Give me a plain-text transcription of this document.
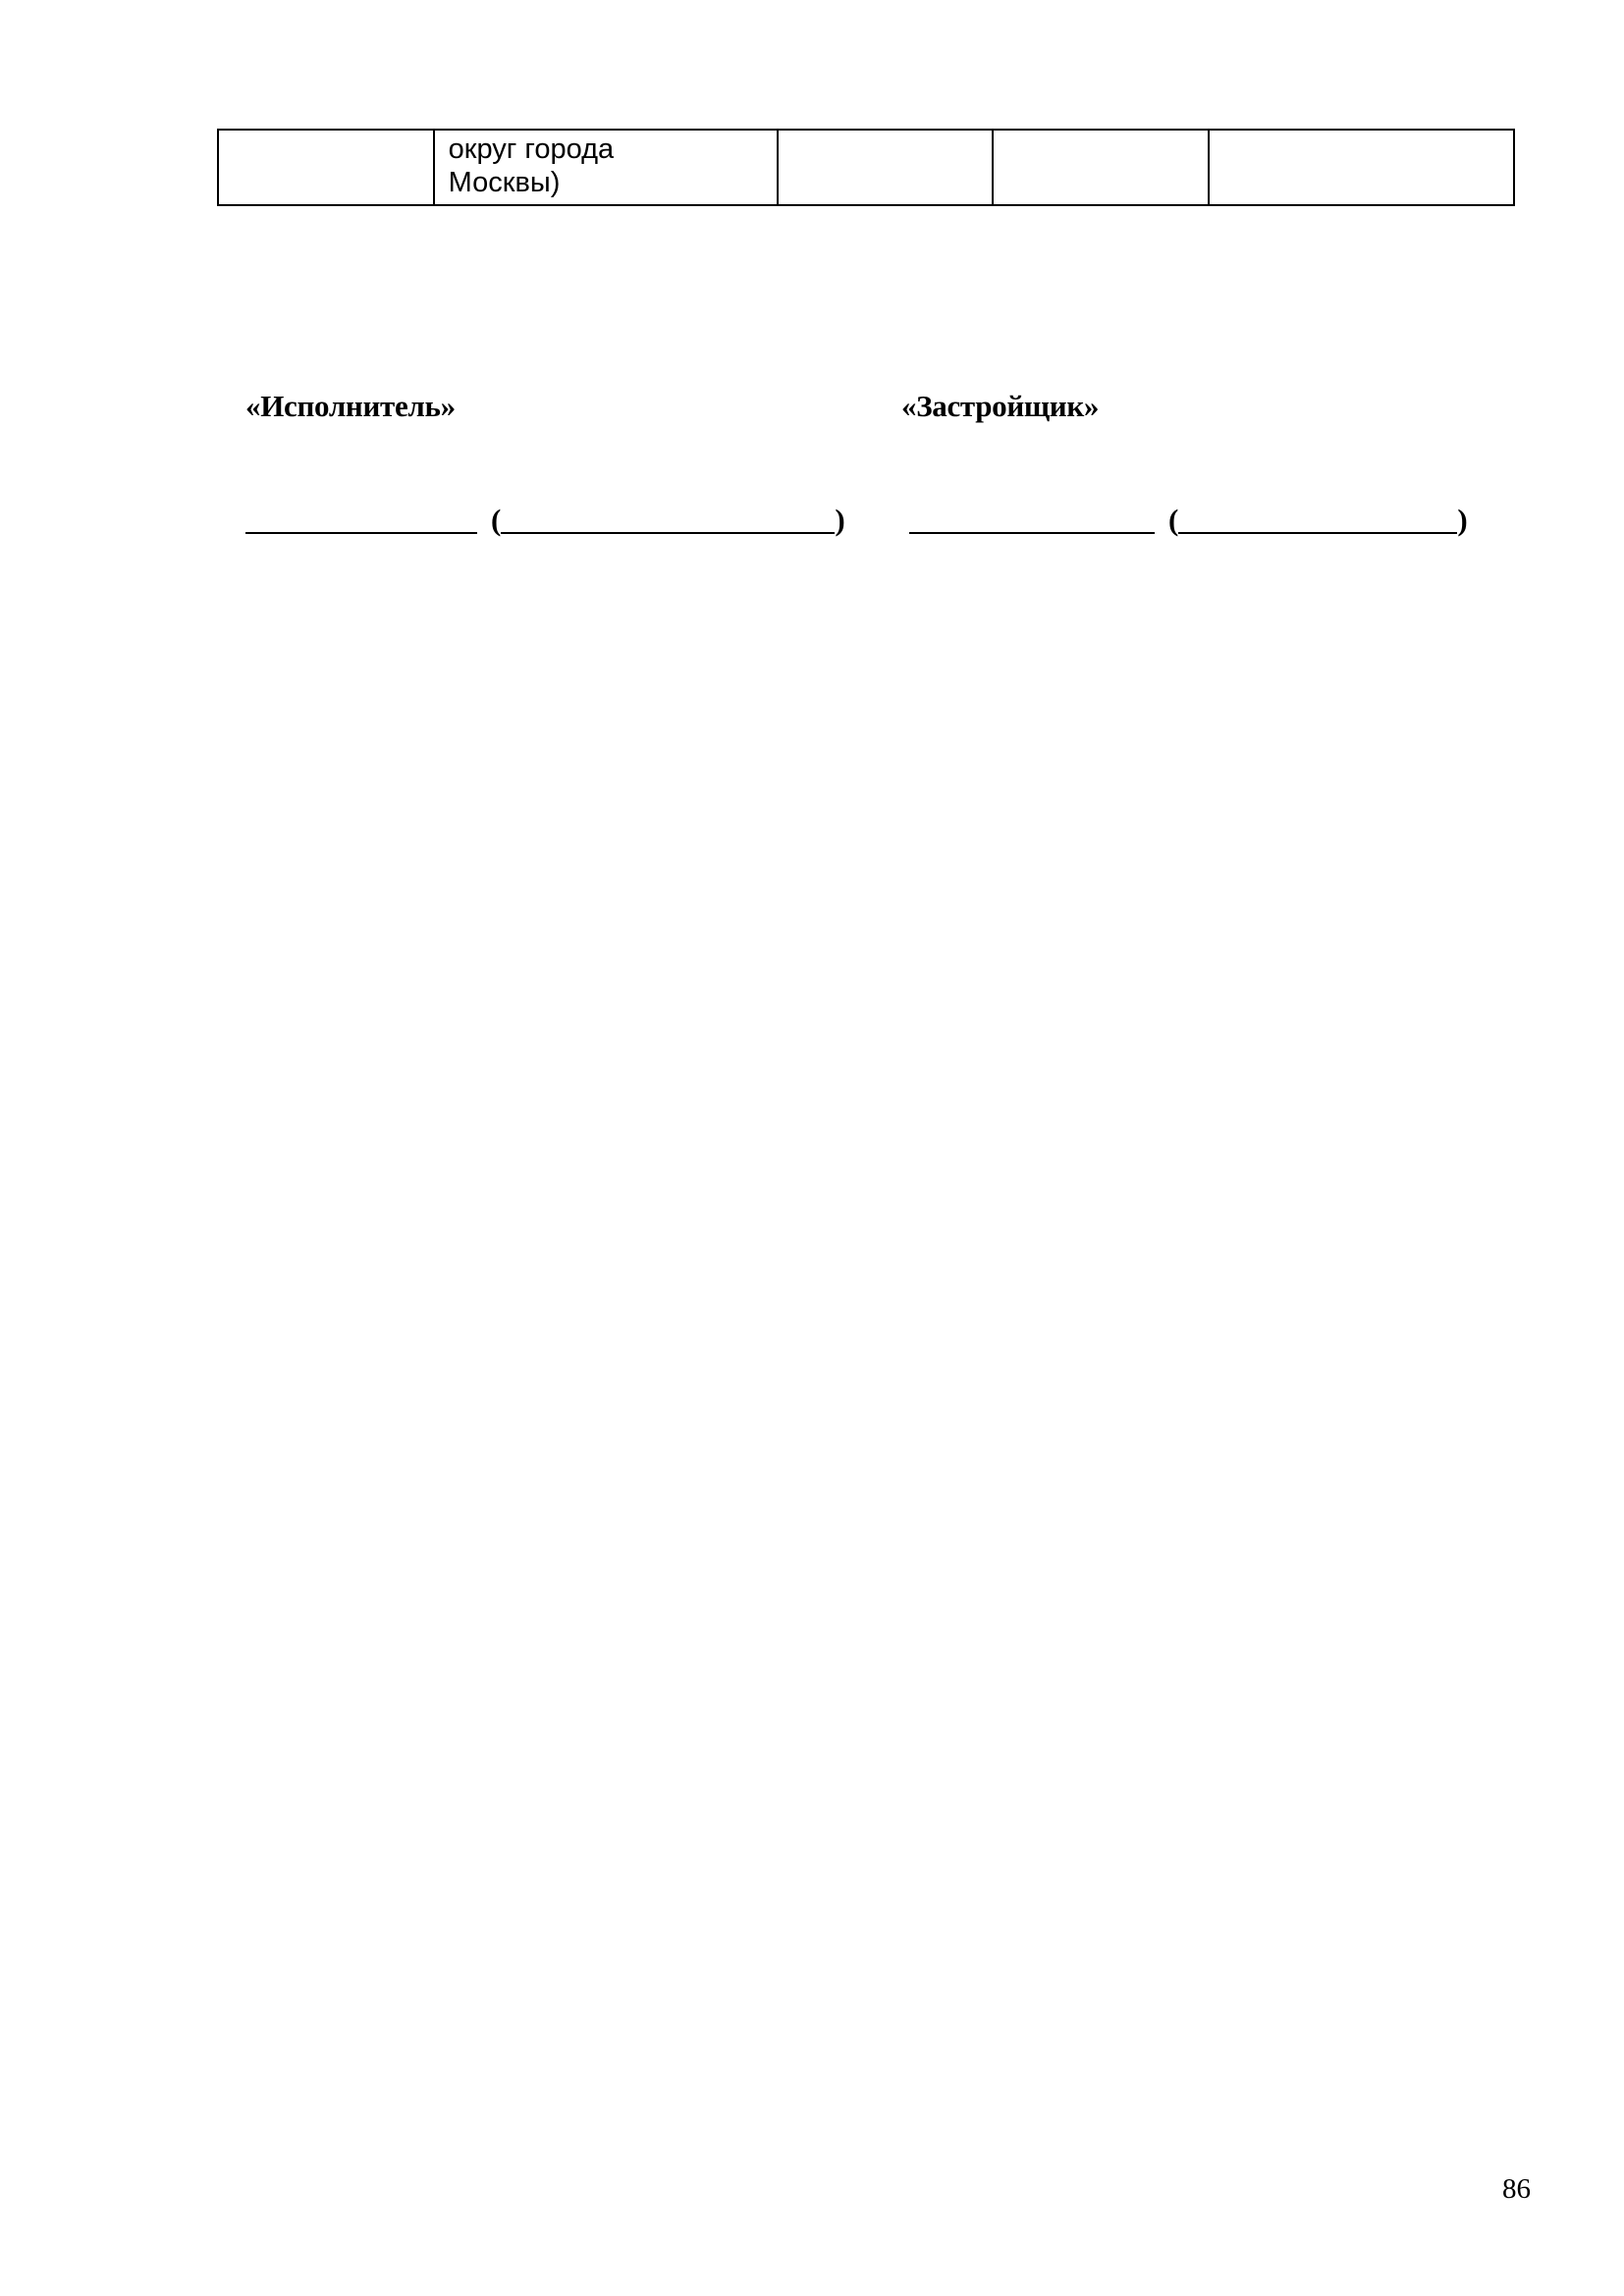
округ города
Москвы)

«Исполнитель»	«Застройщик»
(	)	(	)
86
